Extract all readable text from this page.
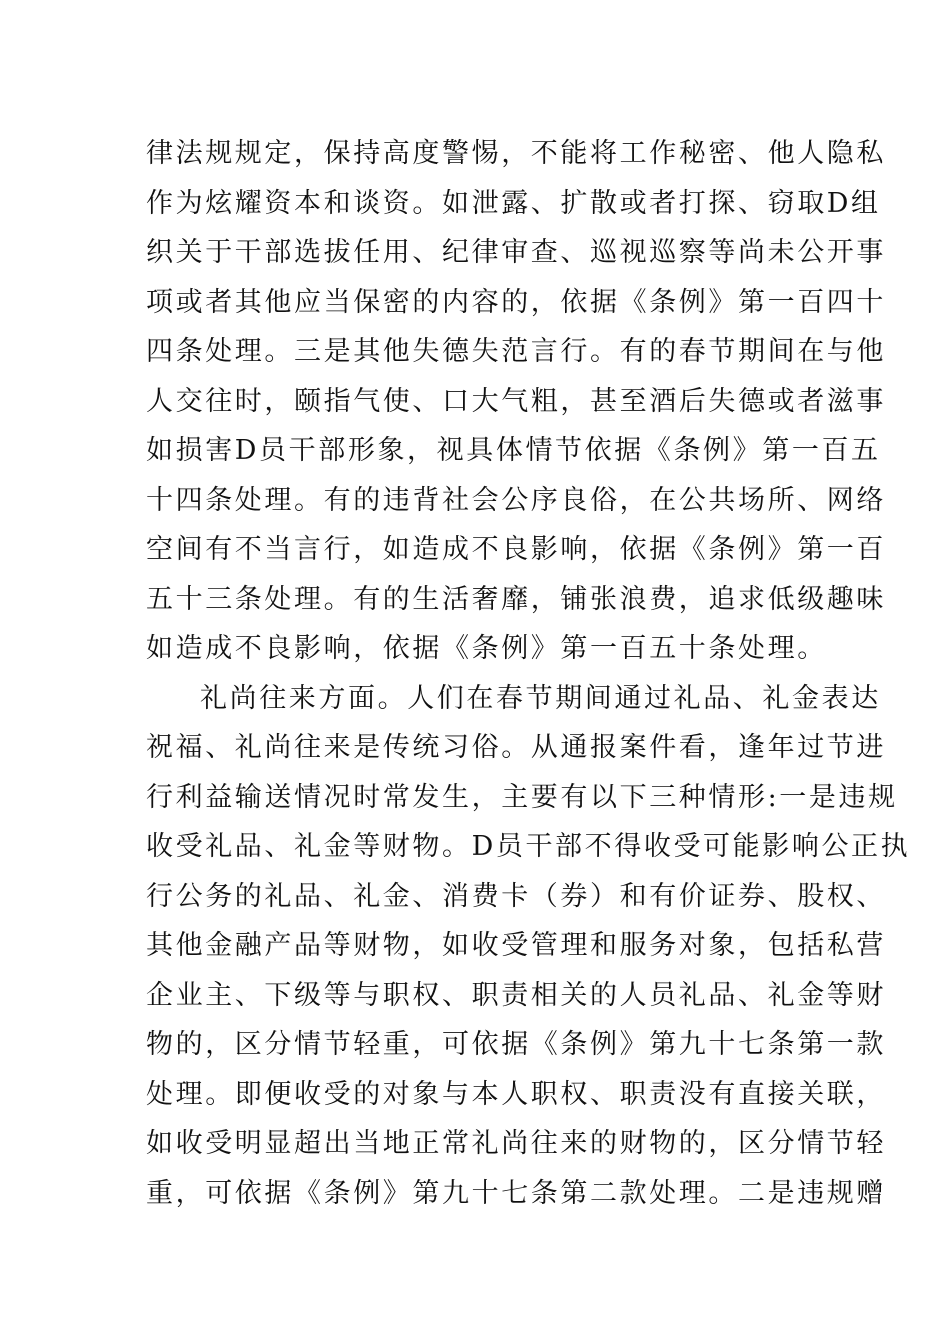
律法规规定，保持高度警惕，不能将工作秘密、他人隐私
作为炫耀资本和谈资。如泄露、扩散或者打探、窃取D组
织关于干部选拔任用、纪律审查、巡视巡察等尚未公开事
项或者其他应当保密的内容的，依据《条例》第一百四十
四条处理。三是其他失德失范言行。有的春节期间在与他
人交往时，颐指气使、口大气粗，甚至酒后失德或者滋事
如损害D员干部形象，视具体情节依据《条例》第一百五
十四条处理。有的违背社会公序良俗，在公共场所、网络
空间有不当言行，如造成不良影响，依据《条例》第一百
五十三条处理。有的生活奢靡，铺张浪费，追求低级趣味
如造成不良影响，依据《条例》第一百五十条处理。
礼尚往来方面。人们在春节期间通过礼品、礼金表达
祝福、礼尚往来是传统习俗。从通报案件看，逢年过节进
行利益输送情况时常发生，主要有以下三种情形:一是违规
收受礼品、礼金等财物。D员干部不得收受可能影响公正执
行公务的礼品、礼金、消费卡（券）和有价证券、股权、
其他金融产品等财物，如收受管理和服务对象，包括私营
企业主、下级等与职权、职责相关的人员礼品、礼金等财
物的，区分情节轻重，可依据《条例》第九十七条第一款
处理。即便收受的对象与本人职权、职责没有直接关联，
如收受明显超出当地正常礼尚往来的财物的，区分情节轻
重，可依据《条例》第九十七条第二款处理。二是违规赠
